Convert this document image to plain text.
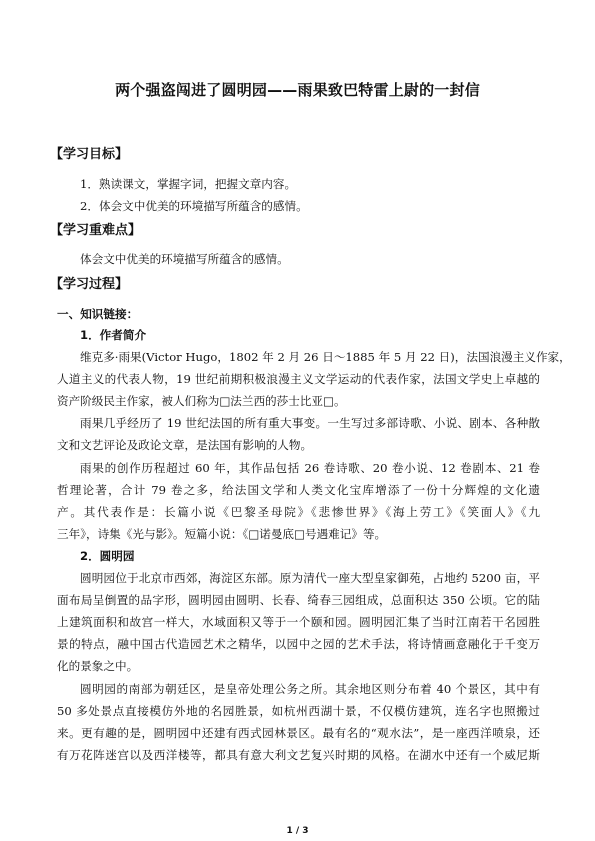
两个强盗闯进了圆明园——雨果致巴特雷上尉的一封信
【学习目标】
1．熟读课文，掌握字词，把握文章内容。
2．体会文中优美的环境描写所蕴含的感情。
【学习重难点】
体会文中优美的环境描写所蕴含的感情。
【学习过程】
一、知识链接：
1．作者简介
维克多·雨果(Victor Hugo，1802 年 2 月 26 日～1885 年 5 月 22 日)，法国浪漫主义作家，
人道主义的代表人物，19 世纪前期积极浪漫主义文学运动的代表作家，法国文学史上卓越的
资产阶级民主作家，被人们称为□法兰西的莎士比亚□。
雨果几乎经历了 19 世纪法国的所有重大事变。一生写过多部诗歌、小说、剧本、各种散
文和文艺评论及政论文章，是法国有影响的人物。
雨果的创作历程超过 60 年，其作品包括 26 卷诗歌、20 卷小说、12 卷剧本、21 卷
哲理论著，合计 79 卷之多，给法国文学和人类文化宝库增添了一份十分辉煌的文化遗
产。其代表作是：长篇小说《巴黎圣母院》《悲惨世界》《海上劳工》《笑面人》《九
三年》，诗集《光与影》。短篇小说：《□诺曼底□号遇难记》等。
2．圆明园
圆明园位于北京市西郊，海淀区东部。原为清代一座大型皇家御苑，占地约 5200 亩，平
面布局呈倒置的品字形，圆明园由圆明、长春、绮春三园组成，总面积达 350 公顷。它的陆
上建筑面积和故宫一样大，水域面积又等于一个颐和园。圆明园汇集了当时江南若干名园胜
景的特点，融中国古代造园艺术之精华，以园中之园的艺术手法，将诗情画意融化于千变万
化的景象之中。
圆明园的南部为朝廷区，是皇帝处理公务之所。其余地区则分布着 40 个景区，其中有
50 多处景点直接模仿外地的名园胜景，如杭州西湖十景，不仅模仿建筑，连名字也照搬过
来。更有趣的是，圆明园中还建有西式园林景区。最有名的“观水法”，是一座西洋喷泉，还
有万花阵迷宫以及西洋楼等，都具有意大利文艺复兴时期的风格。在湖水中还有一个威尼斯
1 / 3
